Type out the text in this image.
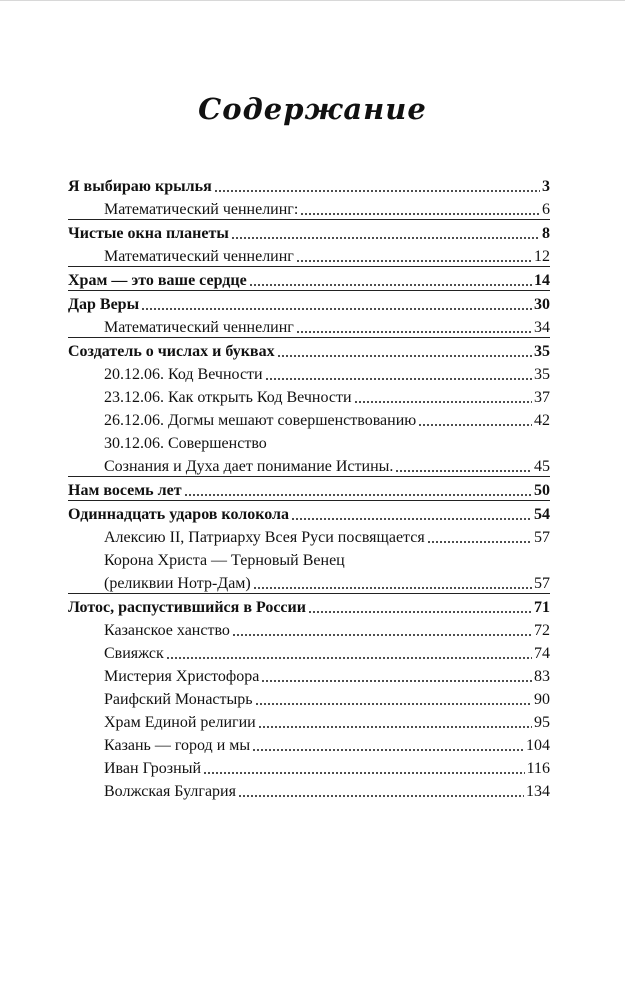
Содержание
Я выбираю крылья	3
Математический ченнелинг:	6
Чистые окна планеты	8
Математический ченнелинг	12
Храм — это ваше сердце	14
Дар Веры	30
Математический ченнелинг	34
Создатель о числах и буквах	35
20.12.06. Код Вечности	35
23.12.06. Как открыть Код Вечности	37
26.12.06. Догмы мешают совершенствованию	42
30.12.06. Совершенство
Сознания и Духа дает понимание Истины.	45
Нам восемь лет	50
Одиннадцать ударов колокола	54
Алексию II, Патриарху Всея Руси посвящается	57
Корона Христа — Терновый Венец
(реликвии Нотр-Дам)	57
Лотос, распустившийся в России	71
Казанское ханство	72
Свияжск	74
Мистерия Христофора	83
Раифский Монастырь	90
Храм Единой религии	95
Казань — город и мы	104
Иван Грозный	116
Волжская Булгария	134
